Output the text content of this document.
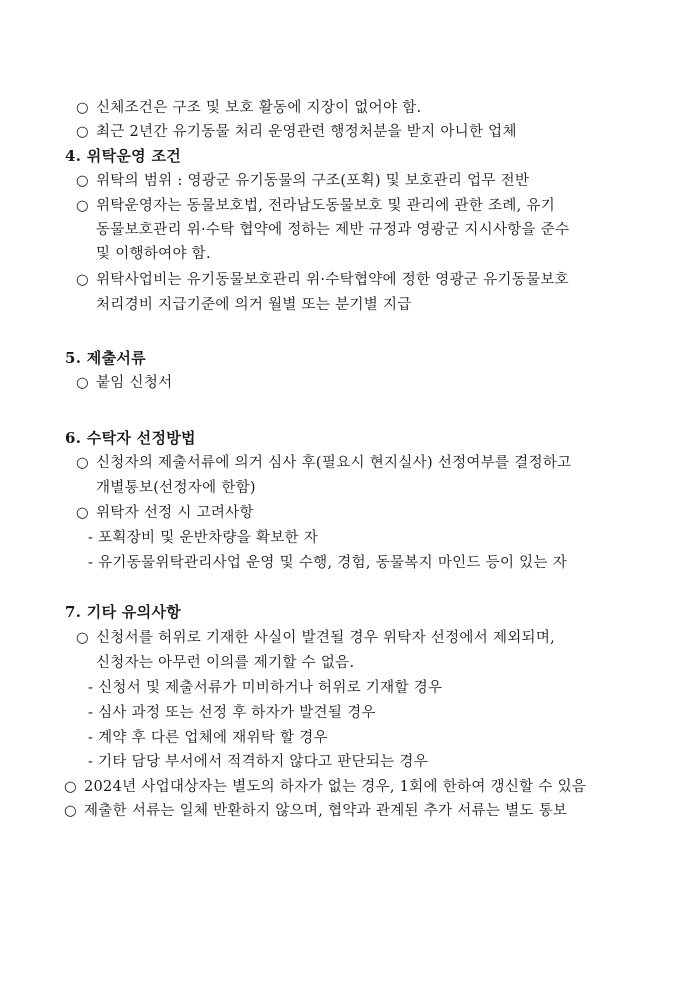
○ 신체조건은 구조 및 보호 활동에 지장이 없어야 함.
○ 최근 2년간 유기동물 처리 운영관련 행정처분을 받지 아니한 업체
4. 위탁운영 조건
○ 위탁의 범위 : 영광군 유기동물의 구조(포획) 및 보호관리 업무 전반
○ 위탁운영자는 동물보호법, 전라남도동물보호 및 관리에 관한 조례, 유기
동물보호관리 위·수탁 협약에 정하는 제반 규정과 영광군 지시사항을 준수
및 이행하여야 함.
○ 위탁사업비는 유기동물보호관리 위·수탁협약에 정한 영광군 유기동물보호
처리경비 지급기준에 의거 월별 또는 분기별 지급
5. 제출서류
○ 붙임 신청서
6. 수탁자 선정방법
○ 신청자의 제출서류에 의거 심사 후(필요시 현지실사) 선정여부를 결정하고
개별통보(선정자에 한함)
○ 위탁자 선정 시 고려사항
- 포획장비 및 운반차량을 확보한 자
- 유기동물위탁관리사업 운영 및 수행, 경험, 동물복지 마인드 등이 있는 자
7. 기타 유의사항
○ 신청서를 허위로 기재한 사실이 발견될 경우 위탁자 선정에서 제외되며,
신청자는 아무런 이의를 제기할 수 없음.
- 신청서 및 제출서류가 미비하거나 허위로 기재할 경우
- 심사 과정 또는 선정 후 하자가 발견될 경우
- 계약 후 다른 업체에 재위탁 할 경우
- 기타 담당 부서에서 적격하지 않다고 판단되는 경우
○ 2024년 사업대상자는 별도의 하자가 없는 경우, 1회에 한하여 갱신할 수 있음
○ 제출한 서류는 일체 반환하지 않으며, 협약과 관계된 추가 서류는 별도 통보
